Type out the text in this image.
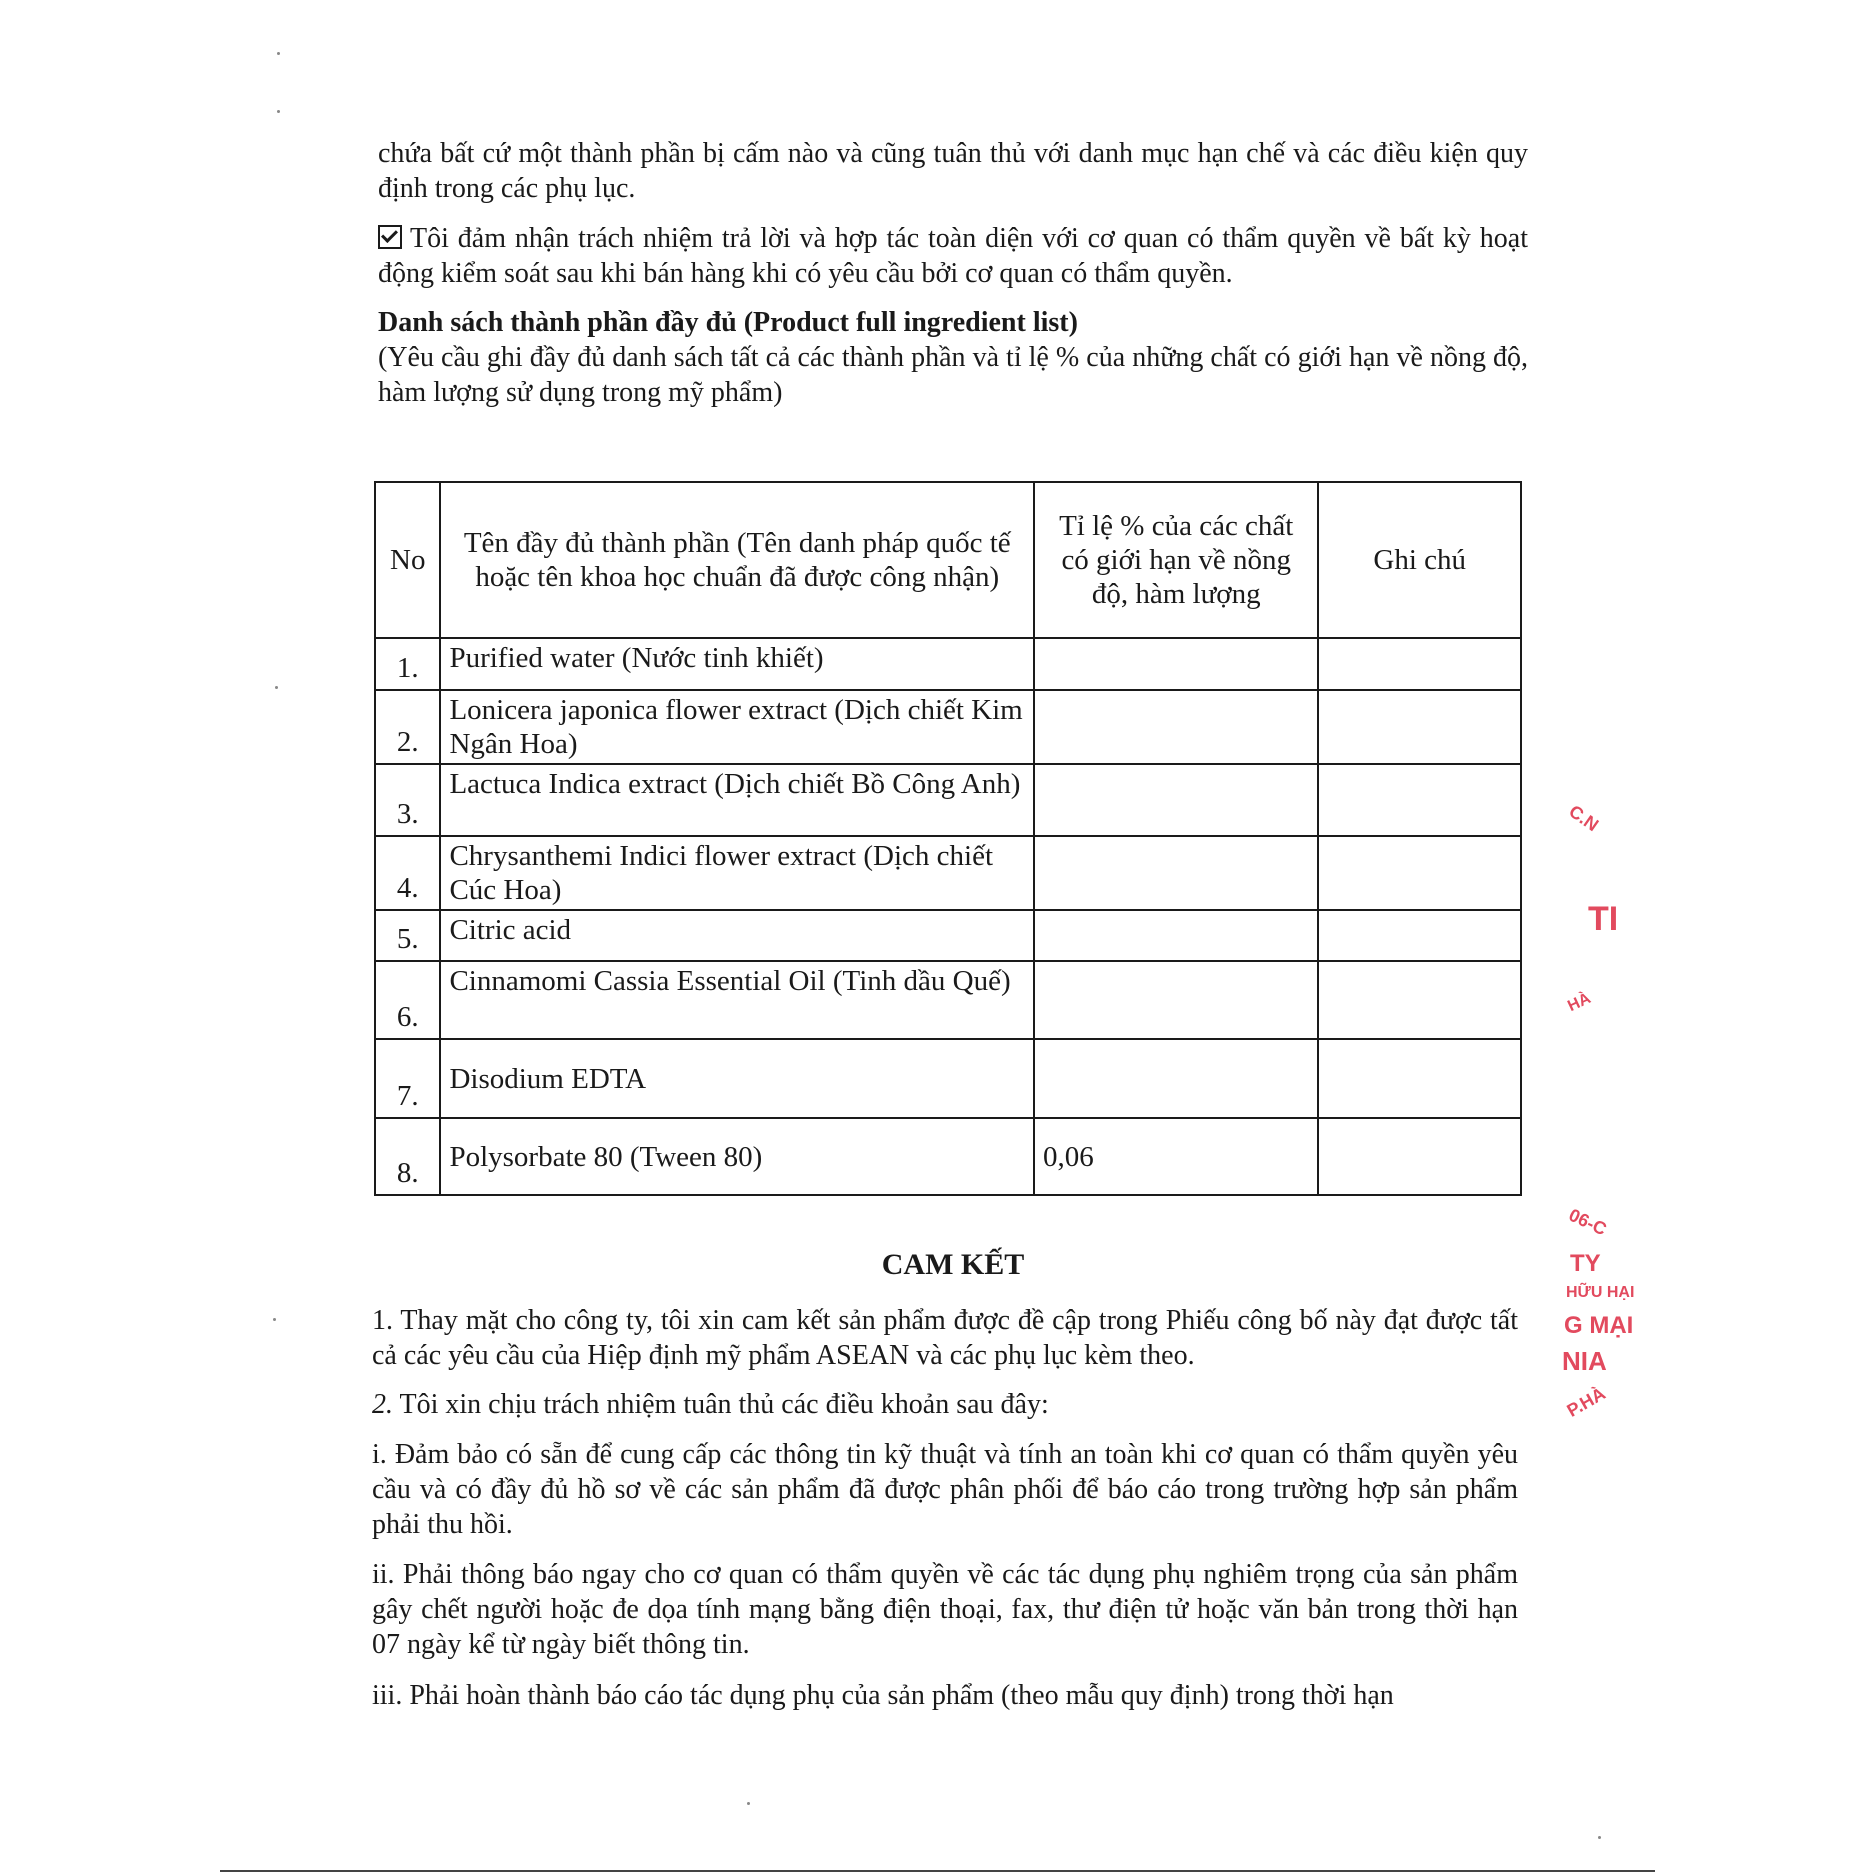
chứa bất cứ một thành phần bị cấm nào và cũng tuân thủ với danh mục hạn chế và các điều kiện quy định trong các phụ lục.
Tôi đảm nhận trách nhiệm trả lời và hợp tác toàn diện với cơ quan có thẩm quyền về bất kỳ hoạt động kiểm soát sau khi bán hàng khi có yêu cầu bởi cơ quan có thẩm quyền.
Danh sách thành phần đầy đủ (Product full ingredient list)
(Yêu cầu ghi đầy đủ danh sách tất cả các thành phần và tỉ lệ % của những chất có giới hạn về nồng độ, hàm lượng sử dụng trong mỹ phẩm)
No	Tên đầy đủ thành phần (Tên danh pháp quốc tế hoặc tên khoa học chuẩn đã được công nhận)	Tỉ lệ % của các chất có giới hạn về nồng độ, hàm lượng	Ghi chú
1.	Purified water (Nước tinh khiết)		
2.	Lonicera japonica flower extract (Dịch chiết Kim Ngân Hoa)		
3.	Lactuca Indica extract (Dịch chiết Bồ Công Anh)		
4.	Chrysanthemi Indici flower extract (Dịch chiết Cúc Hoa)		
5.	Citric acid		
6.	Cinnamomi Cassia Essential Oil (Tinh dầu Quế)		
7.	Disodium EDTA		
8.	Polysorbate 80 (Tween 80)	0,06	
CAM KẾT
1. Thay mặt cho công ty, tôi xin cam kết sản phẩm được đề cập trong Phiếu công bố này đạt được tất cả các yêu cầu của Hiệp định mỹ phẩm ASEAN và các phụ lục kèm theo.
2. Tôi xin chịu trách nhiệm tuân thủ các điều khoản sau đây:
i. Đảm bảo có sẵn để cung cấp các thông tin kỹ thuật và tính an toàn khi cơ quan có thẩm quyền yêu cầu và có đầy đủ hồ sơ về các sản phẩm đã được phân phối để báo cáo trong trường hợp sản phẩm phải thu hồi.
ii. Phải thông báo ngay cho cơ quan có thẩm quyền về các tác dụng phụ nghiêm trọng của sản phẩm gây chết người hoặc đe dọa tính mạng bằng điện thoại, fax, thư điện tử hoặc văn bản trong thời hạn 07 ngày kể từ ngày biết thông tin.
iii. Phải hoàn thành báo cáo tác dụng phụ của sản phẩm (theo mẫu quy định) trong thời hạn
C.N
TI
HÀ
06-C
TY
HỮU HẠI
G MẠI
NIA
P.HÀ
